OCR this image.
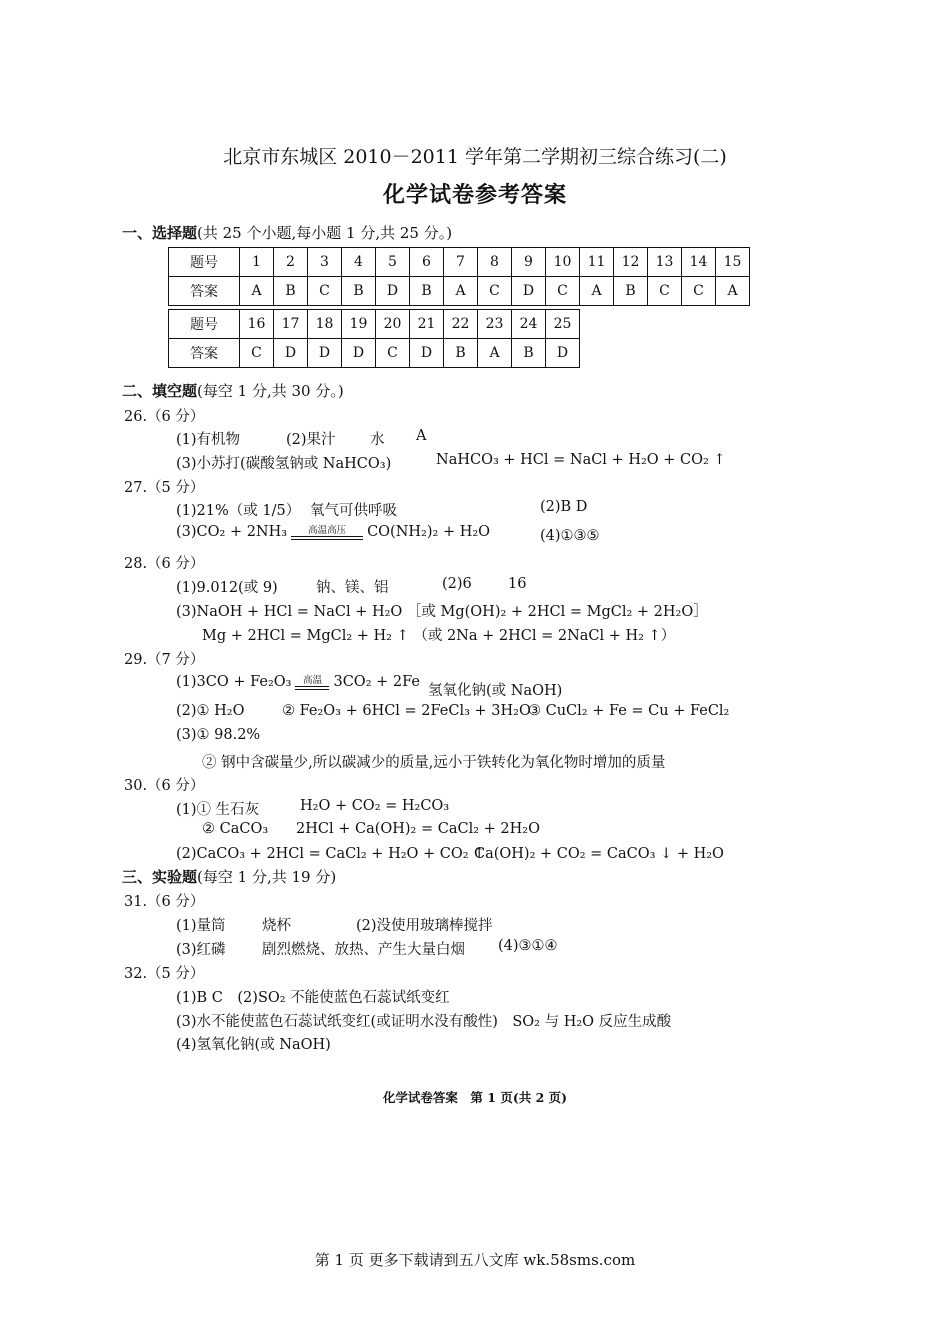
北京市东城区 2010－2011 学年第二学期初三综合练习(二)
化学试卷参考答案
一、选择题(共 25 个小题,每小题 1 分,共 25 分。)
题号	1	2	3	4	5	6	7	8	9	10	11	12	13	14	15
答案	A	B	C	B	D	B	A	C	D	C	A	B	C	C	A
题号	16	17	18	19	20	21	22	23	24	25
答案	C	D	D	D	C	D	B	A	B	D
二、填空题(每空 1 分,共 30 分。)
26.（6 分）
(1)有机物	(2)果汁 水 A
(3)小苏打(碳酸氢钠或 NaHCO₃)	NaHCO₃ + HCl = NaCl + H₂O + CO₂ ↑
27.（5 分）
(1)21%（或 1/5） 氧气可供呼吸	(2)B D
(3)CO₂ + 2NH₃	高温高压	CO(NH₂)₂ + H₂O	(4)①③⑤
28.（6 分）
(1)9.012(或 9)	钠、镁、铝	(2)6 16
(3)NaOH + HCl = NaCl + H₂O ［或 Mg(OH)₂ + 2HCl = MgCl₂ + 2H₂O］
Mg + 2HCl = MgCl₂ + H₂ ↑ （或 2Na + 2HCl = 2NaCl + H₂ ↑）
29.（7 分）
(1)3CO + Fe₂O₃	高温 3CO₂ + 2Fe
氢氧化钠(或 NaOH)
(2)① H₂O	② Fe₂O₃ + 6HCl = 2FeCl₃ + 3H₂O
③ CuCl₂ + Fe = Cu + FeCl₂
(3)① 98.2%
② 钢中含碳量少,所以碳减少的质量,远小于铁转化为氧化物时增加的质量
30.（6 分）
(1)① 生石灰	H₂O + CO₂ = H₂CO₃
② CaCO₃ 2HCl + Ca(OH)₂ = CaCl₂ + 2H₂O
(2)CaCO₃ + 2HCl = CaCl₂ + H₂O + CO₂ ↑
Ca(OH)₂ + CO₂ = CaCO₃ ↓ + H₂O
三、实验题(每空 1 分,共 19 分)
31.（6 分）
(1)量筒	烧杯	(2)没使用玻璃棒搅拌
(3)红磷	剧烈燃烧、放热、产生大量白烟 (4)③①④
32.（5 分）
(1)B C　(2)SO₂ 不能使蓝色石蕊试纸变红
(3)水不能使蓝色石蕊试纸变红(或证明水没有酸性)　SO₂ 与 H₂O 反应生成酸
(4)氢氧化钠(或 NaOH)
化学试卷答案　第 1 页(共 2 页)
第 1 页 更多下载请到五八文库 wk.58sms.com
